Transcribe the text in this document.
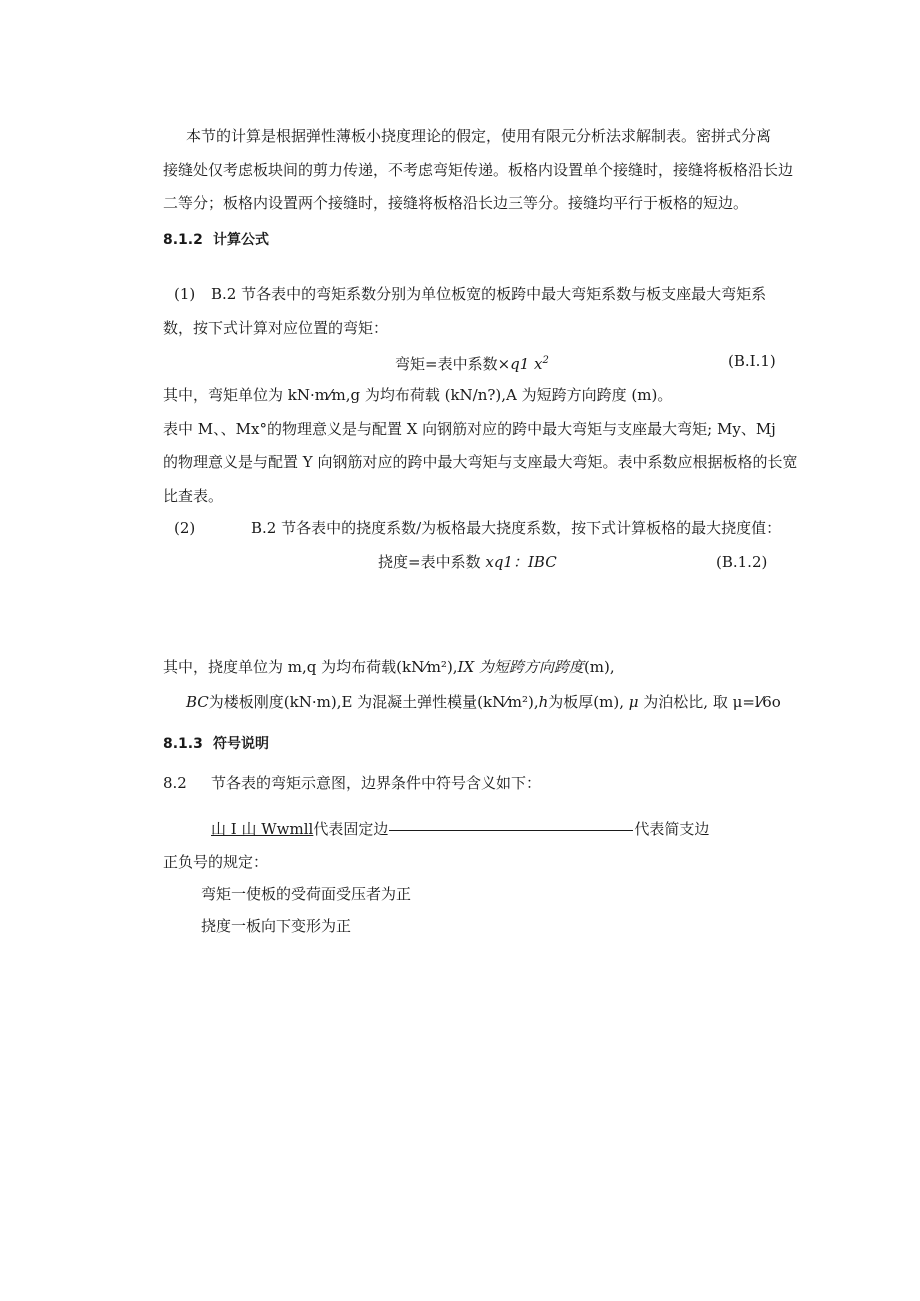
本节的计算是根据弹性薄板小挠度理论的假定，使用有限元分析法求解制表。密拼式分离
接缝处仅考虑板块间的剪力传递，不考虑弯矩传递。板格内设置单个接缝时，接缝将板格沿长边
二等分；板格内设置两个接缝时，接缝将板格沿长边三等分。接缝均平行于板格的短边。
8.1.2 计算公式
(1) B.2 节各表中的弯矩系数分别为单位板宽的板跨中最大弯矩系数与板支座最大弯矩系
数，按下式计算对应位置的弯矩：
弯矩=表中系数×q1 $x^2$	(B.I.1)
其中，弯矩单位为 kN·m⁄m,g 为均布荷载 (kN/n?),A 为短跨方向跨度 (m)。
表中 M、、Mx°的物理意义是与配置 X 向钢筋对应的跨中最大弯矩与支座最大弯矩; My、Mj
的物理意义是与配置 Y 向钢筋对应的跨中最大弯矩与支座最大弯矩。表中系数应根据板格的长宽
比查表。
(2)	B.2 节各表中的挠度系数/为板格最大挠度系数，按下式计算板格的最大挠度值：
挠度=表中系数 xq1：IBC	(B.1.2)
其中，挠度单位为 m,q 为均布荷载(kN⁄m²),IX 为短跨方向跨度(m),
BC为楼板刚度(kN·m),E 为混凝土弹性模量(kN⁄m²),h为板厚(m), μ 为泊松比, 取 μ=l⁄6o
8.1.3 符号说明
8.2 节各表的弯矩示意图，边界条件中符号含义如下：
山 I 山 Wwmll代表固定边	代表简支边
正负号的规定：
弯矩一使板的受荷面受压者为正
挠度一板向下变形为正
